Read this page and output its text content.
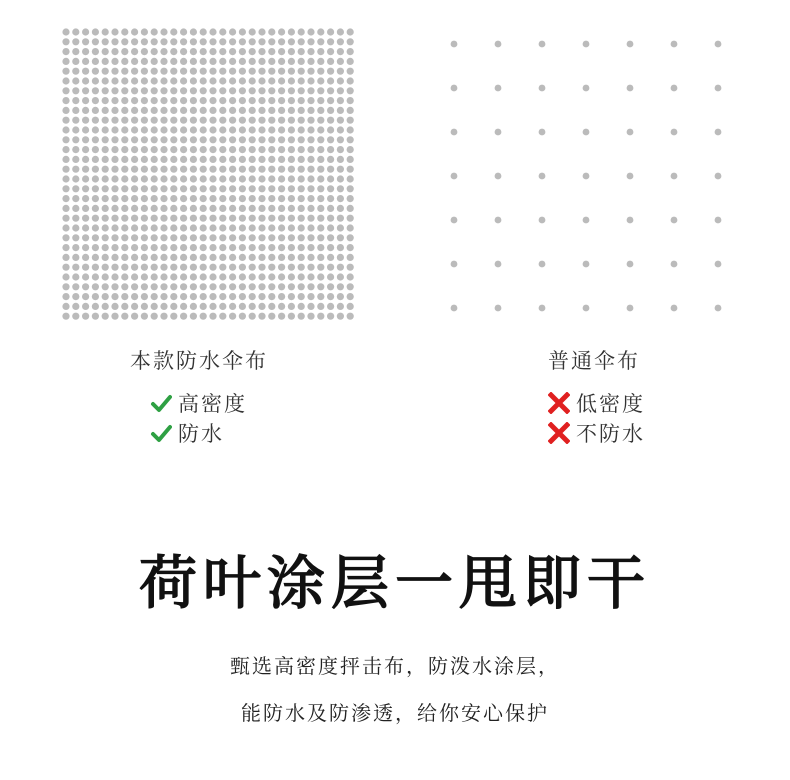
本款防水伞布	普通伞布
高密度
防水
低密度
不防水
荷叶涂层一甩即干
甄选高密度抨击布，防泼水涂层，
能防水及防渗透，给你安心保护
